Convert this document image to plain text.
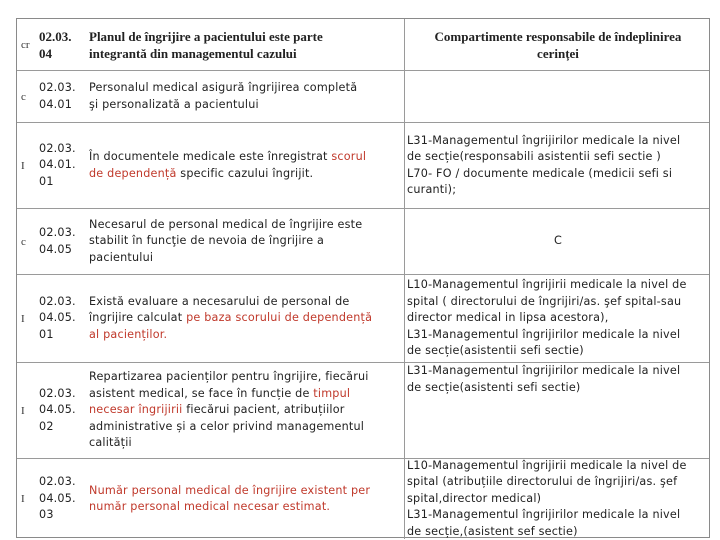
cr
02.03.
04
Planul de îngrijire a pacientului este parte
integrantă din managementul cazului
Compartimente responsabile de îndeplinirea
cerinței
c
02.03.
04.01
Personalul medical asigură îngrijirea completă
şi personalizată a pacientului
I
02.03.
04.01.
01
În documentele medicale este înregistrat scorul
de dependență specific cazului îngrijit.
L31-Managementul îngrijirilor medicale la nivel
de secție(responsabili asistentii sefi sectie )
L70- FO / documente medicale (medicii sefi si
curanti);
c
02.03.
04.05
Necesarul de personal medical de îngrijire este
stabilit în funcţie de nevoia de îngrijire a
pacientului
C
I
02.03.
04.05.
01
Există evaluare a necesarului de personal de
îngrijire calculat pe baza scorului de dependență
al pacienților.
L10-Managementul îngrijirii medicale la nivel de
spital ( directorului de îngrijiri/as. şef spital-sau
director medical in lipsa acestora),
L31-Managementul îngrijirilor medicale la nivel
de secție(asistentii sefi sectie)
I
02.03.
04.05.
02
Repartizarea pacienților pentru îngrijire, fiecărui
asistent medical, se face în funcție de timpul
necesar îngrijirii fiecărui pacient, atribuțiilor
administrative și a celor privind managementul
calității
L31-Managementul îngrijirilor medicale la nivel
de secție(asistenti sefi sectie)
I
02.03.
04.05.
03
Număr personal medical de îngrijire existent per
număr personal medical necesar estimat.
L10-Managementul îngrijirii medicale la nivel de
spital (atribuțiile directorului de îngrijiri/as. şef
spital,director medical)
L31-Managementul îngrijirilor medicale la nivel
de secție,(asistent sef sectie)
